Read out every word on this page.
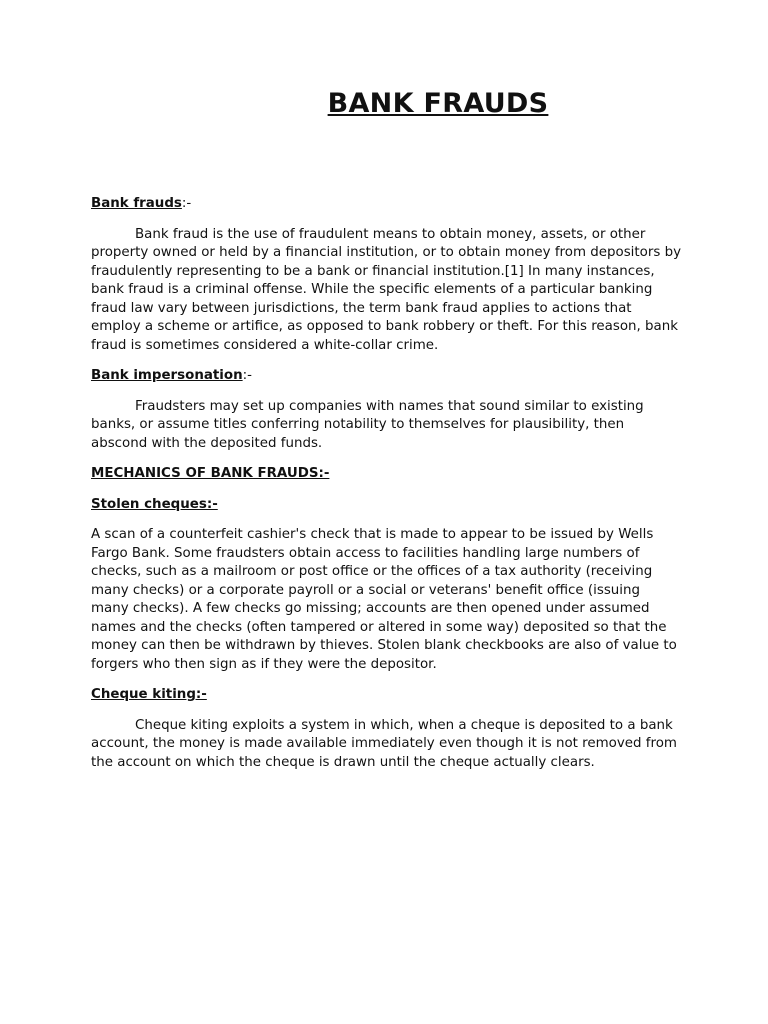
BANK FRAUDS

Bank frauds:-

Bank fraud is the use of fraudulent means to obtain money, assets, or other property owned or held by a financial institution, or to obtain money from depositors by fraudulently representing to be a bank or financial institution.[1] In many instances, bank fraud is a criminal offense. While the specific elements of a particular banking fraud law vary between jurisdictions, the term bank fraud applies to actions that employ a scheme or artifice, as opposed to bank robbery or theft. For this reason, bank fraud is sometimes considered a white-collar crime.

Bank impersonation:-

Fraudsters may set up companies with names that sound similar to existing banks, or assume titles conferring notability to themselves for plausibility, then abscond with the deposited funds.

MECHANICS OF BANK FRAUDS:-

Stolen cheques:-

A scan of a counterfeit cashier's check that is made to appear to be issued by Wells Fargo Bank. Some fraudsters obtain access to facilities handling large numbers of checks, such as a mailroom or post office or the offices of a tax authority (receiving many checks) or a corporate payroll or a social or veterans' benefit office (issuing many checks). A few checks go missing; accounts are then opened under assumed names and the checks (often tampered or altered in some way) deposited so that the money can then be withdrawn by thieves. Stolen blank checkbooks are also of value to forgers who then sign as if they were the depositor.

Cheque kiting:-

Cheque kiting exploits a system in which, when a cheque is deposited to a bank account, the money is made available immediately even though it is not removed from the account on which the cheque is drawn until the cheque actually clears.
